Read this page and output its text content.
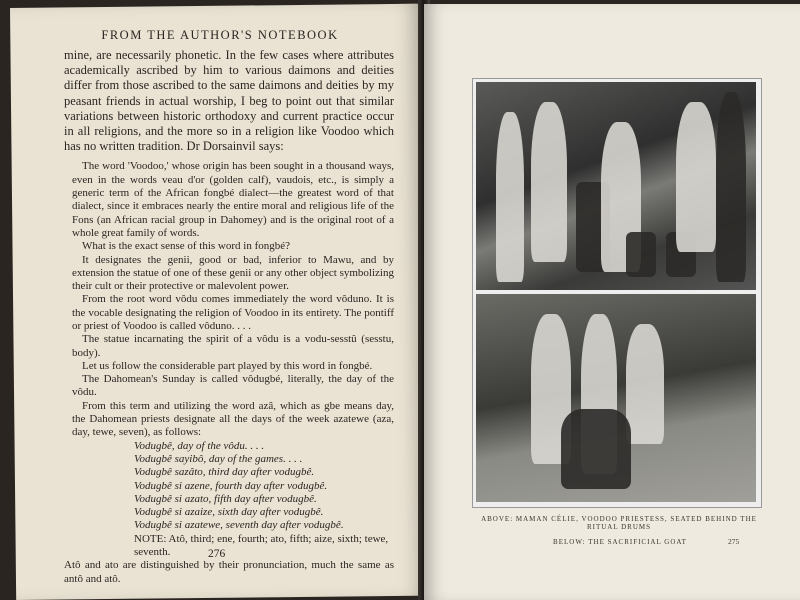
FROM THE AUTHOR'S NOTEBOOK

mine, are necessarily phonetic. In the few cases where attributes academically ascribed by him to various daimons and deities differ from those ascribed to the same daimons and deities by my peasant friends in actual worship, I beg to point out that similar variations between historic orthodoxy and current practice occur in all religions, and the more so in a religion like Voodoo which has no written tradition. Dr Dorsainvil says:

The word 'Voodoo,' whose origin has been sought in a thousand ways, even in the words veau d'or (golden calf), vaudois, etc., is simply a generic term of the African fongbé dialect—the greatest word of that dialect, since it embraces nearly the entire moral and religious life of the Fons (an African racial group in Dahomey) and is the original root of a whole great family of words.

What is the exact sense of this word in fongbé?

It designates the genii, good or bad, inferior to Mawu, and by extension the statue of one of these genii or any other object symbolizing their cult or their protective or malevolent power.

From the root word vôdu comes immediately the word vôduno. It is the vocable designating the religion of Voodoo in its entirety. The pontiff or priest of Voodoo is called vôduno. . . .

The statue incarnating the spirit of a vôdu is a vodu-sesstû (sesstu, body).

Let us follow the considerable part played by this word in fongbé.

The Dahomean's Sunday is called vôdugbé, literally, the day of the vôdu.

From this term and utilizing the word azâ, which as gbe means day, the Dahomean priests designate all the days of the week azatewe (aza, day, tewe, seven), as follows:

Vodugbê, day of the vôdu. . . .

Vodugbê sayibô, day of the games. . . .

Vodugbê sazâto, third day after vodugbê.

Vodugbê si azene, fourth day after vodugbê.

Vodugbê si azato, fifth day after vodugbê.

Vodugbê si azaize, sixth day after vodugbê.

Vodugbê si azatewe, seventh day after vodugbê.

NOTE: Atô, third; ene, fourth; ato, fifth; aize, sixth; tewe, seventh.

Atô and ato are distinguished by their pronunciation, much the same as antô and atô.

276
ABOVE: MAMAN CÉLIE, VOODOO PRIESTESS, SEATED BEHIND THE RITUAL DRUMS
BELOW: THE SACRIFICIAL GOAT	275
